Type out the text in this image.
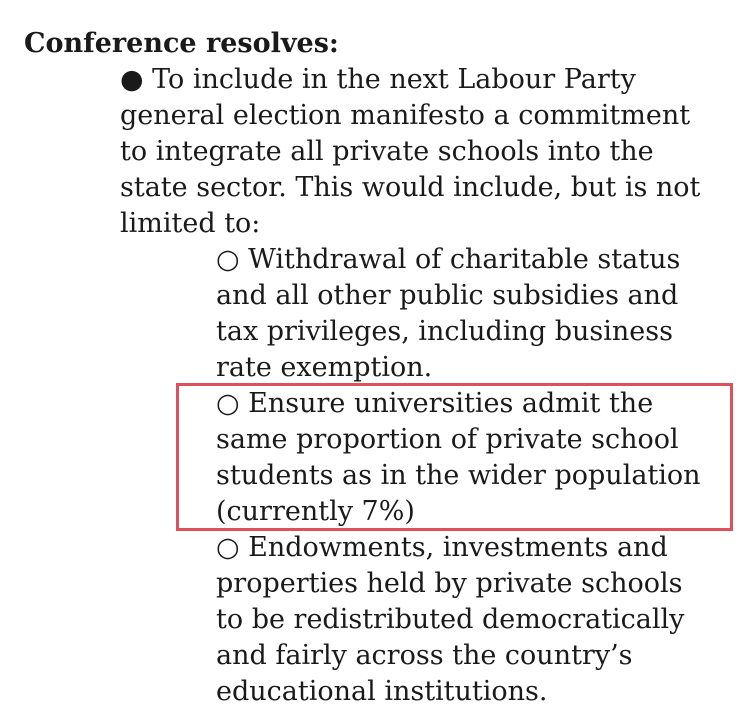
Conference resolves:

● To include in the next Labour Party
general election manifesto a commitment
to integrate all private schools into the
state sector. This would include, but is not
limited to:
○ Withdrawal of charitable status
and all other public subsidies and
tax privileges, including business
rate exemption.
○ Ensure universities admit the
same proportion of private school
students as in the wider population
(currently 7%)
○ Endowments, investments and
properties held by private schools
to be redistributed democratically
and fairly across the country’s
educational institutions.
